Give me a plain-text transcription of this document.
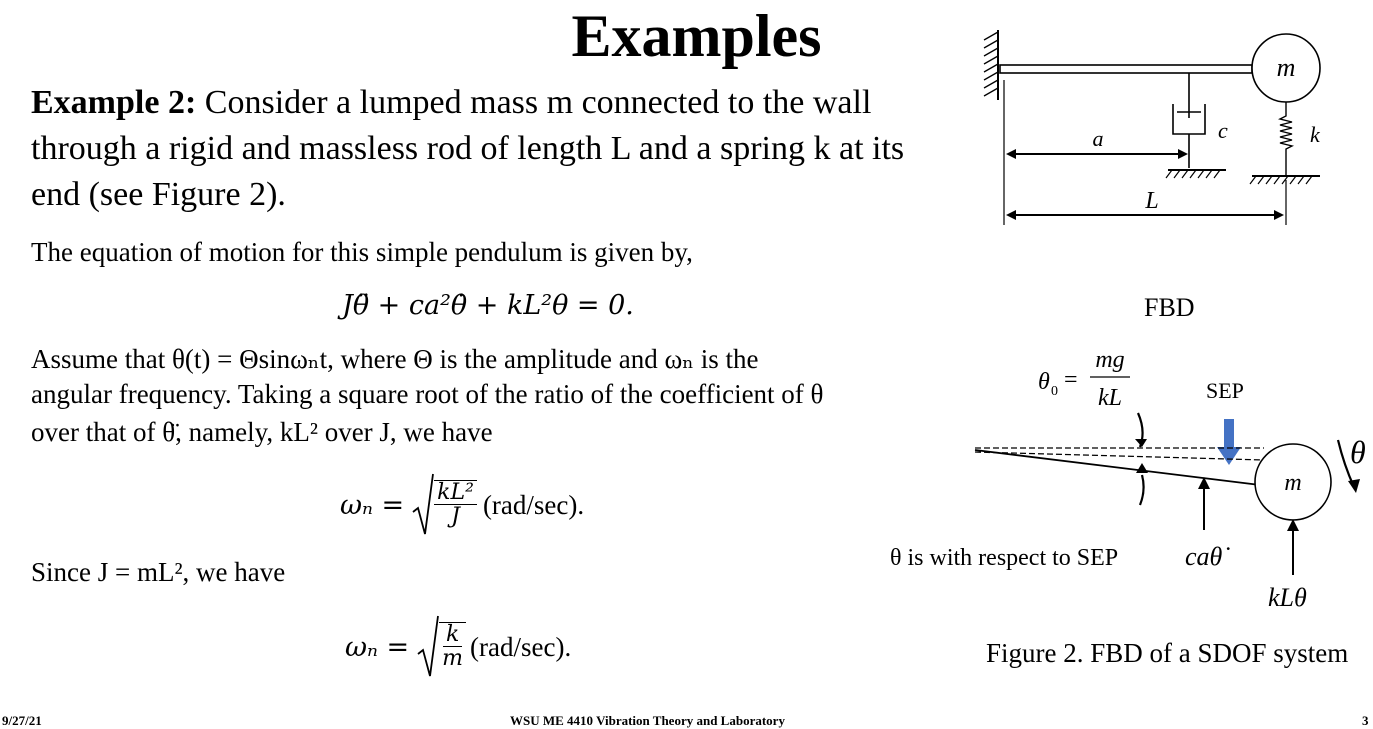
Examples
Example 2: Consider a lumped mass m connected to the wall
through a rigid and massless rod of length L and a spring k at its
end (see Figure 2).
The equation of motion for this simple pendulum is given by,
Jθ̈ + ca²θ̇ + kL²θ = 0.
Assume that θ(t) = Θsinωₙt, where Θ is the amplitude and ωₙ is the
angular frequency. Taking a square root of the ratio of the coefficient of θ
over that of θ̈, namely, kL² over J, we have
$\omega_n = \frac{\text{kL²}}{J} (rad/\sec)$.
Since J = mL², we have
$\omega_n = \frac{k}{m} (rad/\sec)$.
m
c	k
a
L
FBD
θ 0 =
mg
kL	SEP
m
θ
θ is with respect to SEP	caθ̇
kLθ
Figure 2. FBD of a SDOF system
9/27/21	WSU ME 4410 Vibration Theory and Laboratory	3
